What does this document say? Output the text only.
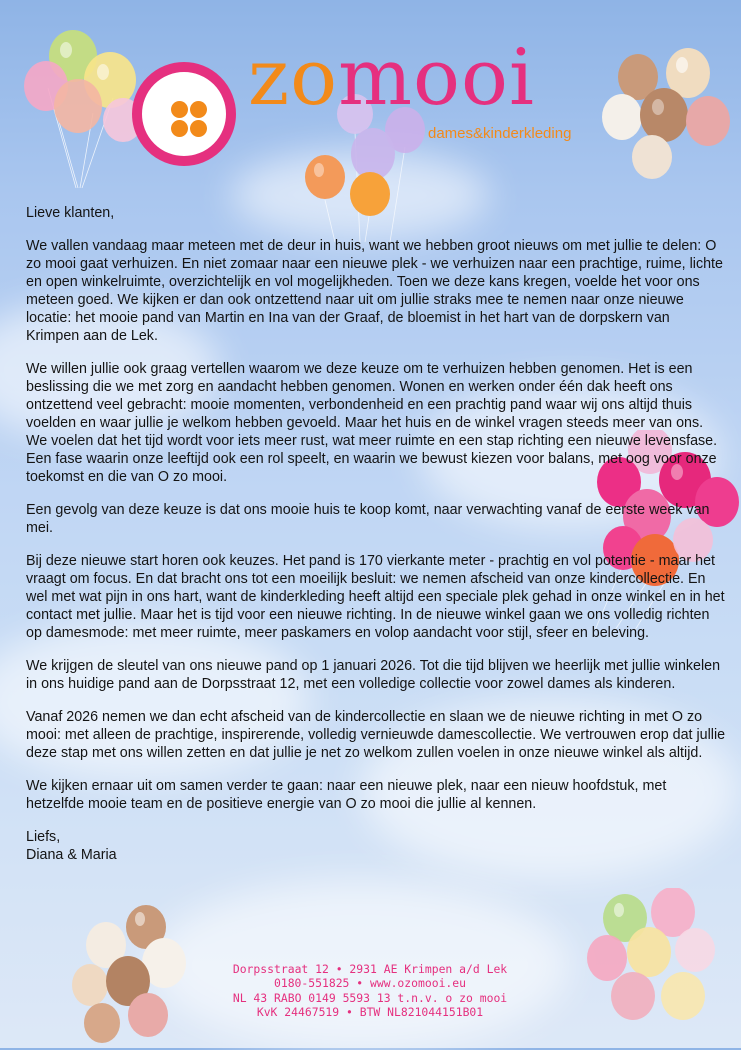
zomooi
dames&kinderkleding

Lieve klanten,

We vallen vandaag maar meteen met de deur in huis, want we hebben groot nieuws om met jullie te delen: O zo mooi gaat verhuizen. En niet zomaar naar een nieuwe plek - we verhuizen naar een prachtige, ruime, lichte en open winkelruimte, overzichtelijk en vol mogelijkheden. Toen we deze kans kregen, voelde het voor ons meteen goed. We kijken er dan ook ontzettend naar uit om jullie straks mee te nemen naar onze nieuwe locatie: het mooie pand van Martin en Ina van der Graaf, de bloemist in het hart van de dorpskern van Krimpen aan de Lek.

We willen jullie ook graag vertellen waarom we deze keuze om te verhuizen hebben genomen. Het is een beslissing die we met zorg en aandacht hebben genomen. Wonen en werken onder één dak heeft ons ontzettend veel gebracht: mooie momenten, verbondenheid en een prachtig pand waar wij ons altijd thuis voelden en waar jullie je welkom hebben gevoeld. Maar het huis en de winkel vragen steeds meer van ons. We voelen dat het tijd wordt voor iets meer rust, wat meer ruimte en een stap richting een nieuwe levensfase. Een fase waarin onze leeftijd ook een rol speelt, en waarin we bewust kiezen voor balans, met oog voor onze toekomst en die van O zo mooi.

Een gevolg van deze keuze is dat ons mooie huis te koop komt, naar verwachting vanaf de eerste week van mei.

Bij deze nieuwe start horen ook keuzes. Het pand is 170 vierkante meter - prachtig en vol potentie - maar het vraagt om focus. En dat bracht ons tot een moeilijk besluit: we nemen afscheid van onze kindercollectie. En wel met wat pijn in ons hart, want de kinderkleding heeft altijd een speciale plek gehad in onze winkel en in het contact met jullie. Maar het is tijd voor een nieuwe richting. In de nieuwe winkel gaan we ons volledig richten op damesmode: met meer ruimte, meer paskamers en volop aandacht voor stijl, sfeer en beleving.

We krijgen de sleutel van ons nieuwe pand op 1 januari 2026. Tot die tijd blijven we heerlijk met jullie winkelen in ons huidige pand aan de Dorpsstraat 12, met een volledige collectie voor zowel dames als kinderen.

Vanaf 2026 nemen we dan echt afscheid van de kindercollectie en slaan we de nieuwe richting in met O zo mooi: met alleen de prachtige, inspirerende, volledig vernieuwde damescollectie. We vertrouwen erop dat jullie deze stap met ons willen zetten en dat jullie je net zo welkom zullen voelen in onze nieuwe winkel als altijd.

We kijken ernaar uit om samen verder te gaan: naar een nieuwe plek, naar een nieuw hoofdstuk, met hetzelfde mooie team en de positieve energie van O zo mooi die jullie al kennen.

Liefs,
Diana & Maria
Dorpsstraat 12 • 2931 AE Krimpen a/d Lek
0180-551825 • www.ozomooi.eu
NL 43 RABO 0149 5593 13 t.n.v. o zo mooi
KvK 24467519 • BTW NL821044151B01
